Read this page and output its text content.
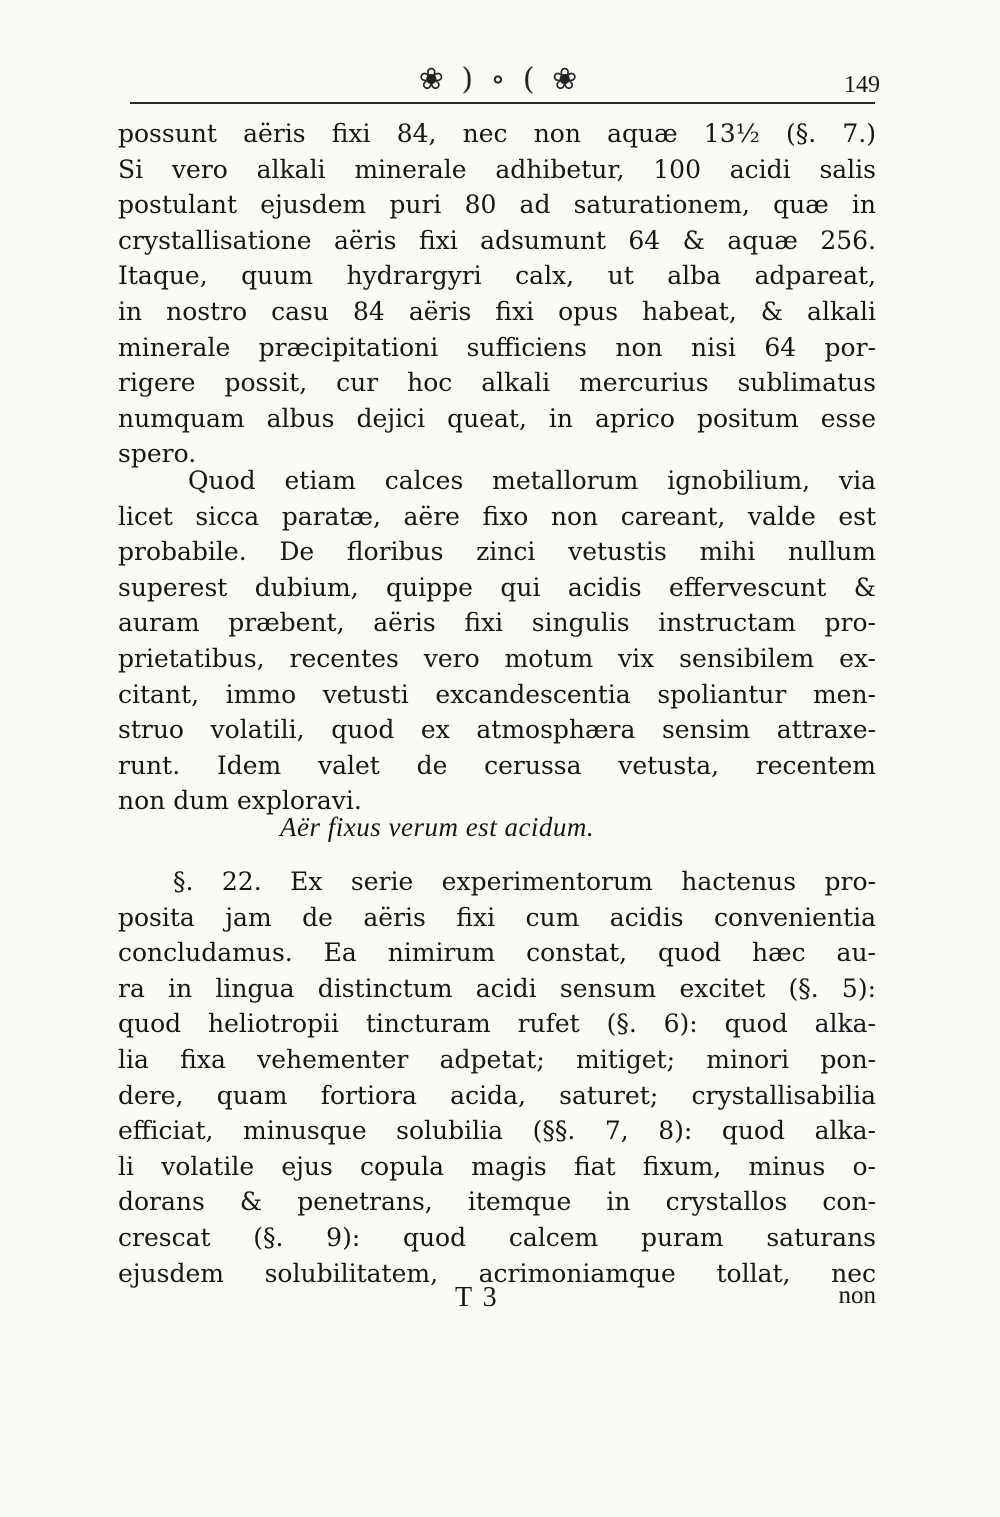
❀ ) ∘ ( ❀	149
possunt aëris fixi 84, nec non aquæ 13½ (§. 7.)
Si vero alkali minerale adhibetur, 100 acidi salis
postulant ejusdem puri 80 ad saturationem, quæ in
crystallisatione aëris fixi adsumunt 64 & aquæ 256.
Itaque, quum hydrargyri calx, ut alba adpareat,
in nostro casu 84 aëris fixi opus habeat, & alkali
minerale præcipitationi sufficiens non nisi 64 por-
rigere possit, cur hoc alkali mercurius sublimatus
numquam albus dejici queat, in aprico positum esse
spero.
Quod etiam calces metallorum ignobilium, via
licet sicca paratæ, aëre fixo non careant, valde est
probabile. De floribus zinci vetustis mihi nullum
superest dubium, quippe qui acidis effervescunt &
auram præbent, aëris fixi singulis instructam pro-
prietatibus, recentes vero motum vix sensibilem ex-
citant, immo vetusti excandescentia spoliantur men-
struo volatili, quod ex atmosphæra sensim attraxe-
runt. Idem valet de cerussa vetusta, recentem
non dum exploravi.
Aër fixus verum est acidum.
§. 22. Ex serie experimentorum hactenus pro-
posita jam de aëris fixi cum acidis convenientia
concludamus. Ea nimirum constat, quod hæc au-
ra in lingua distinctum acidi sensum excitet (§. 5):
quod heliotropii tincturam rufet (§. 6): quod alka-
lia fixa vehementer adpetat; mitiget; minori pon-
dere, quam fortiora acida, saturet; crystallisabilia
efficiat, minusque solubilia (§§. 7, 8): quod alka-
li volatile ejus copula magis fiat fixum, minus o-
dorans & penetrans, itemque in crystallos con-
crescat (§. 9): quod calcem puram saturans
ejusdem solubilitatem, acrimoniamque tollat, nec
T 3	non
